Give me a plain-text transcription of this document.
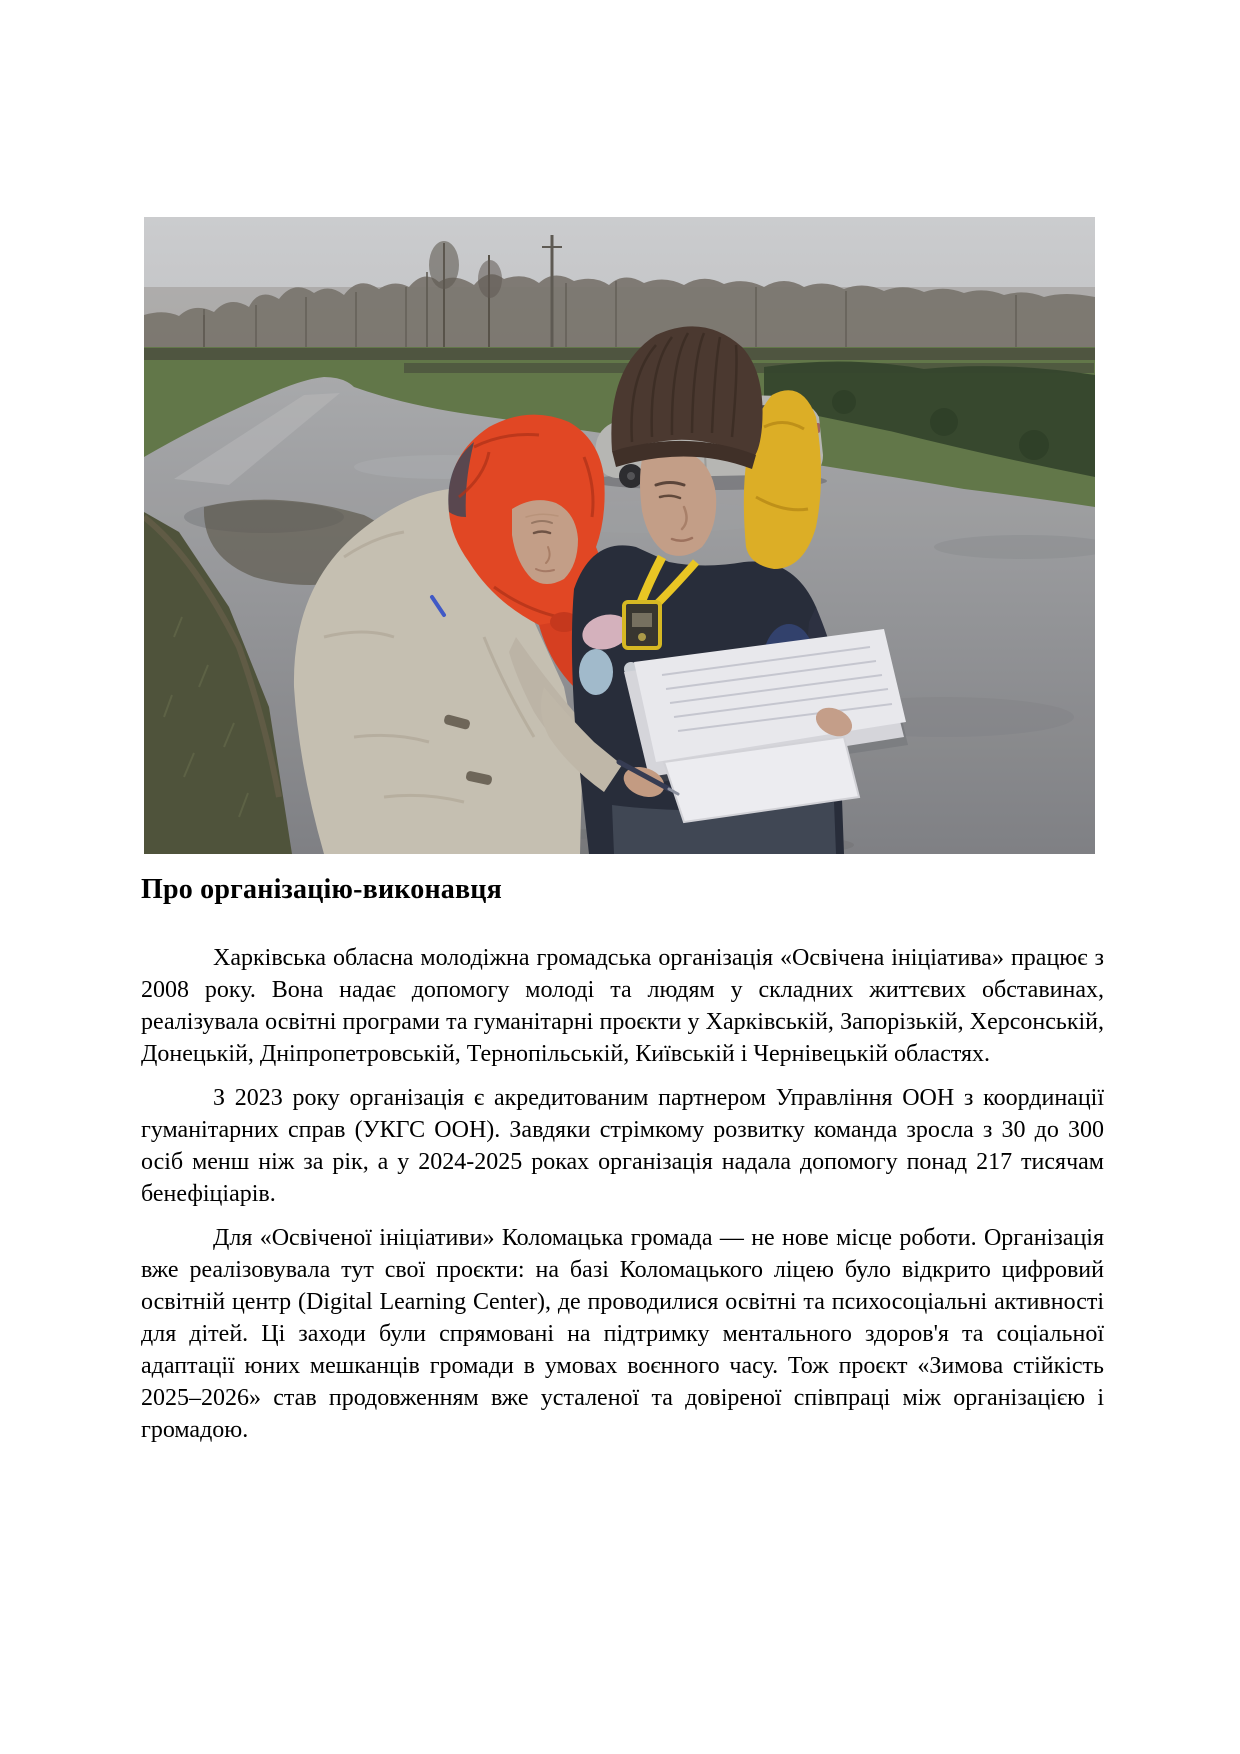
Про організацію-виконавця

Харківська обласна молодіжна громадська організація «Освічена ініціатива» працює з 2008 року. Вона надає допомогу молоді та людям у складних життєвих обставинах, реалізувала освітні програми та гуманітарні проєкти у Харківській, Запорізькій, Херсонській, Донецькій, Дніпропетровській, Тернопільській, Київській і Чернівецькій областях.

З 2023 року організація є акредитованим партнером Управління ООН з координації гуманітарних справ (УКГС ООН). Завдяки стрімкому розвитку команда зросла з 30 до 300 осіб менш ніж за рік, а у 2024-2025 роках організація надала допомогу понад 217 тисячам бенефіціарів.

Для «Освіченої ініціативи» Коломацька громада — не нове місце роботи. Організація вже реалізовувала тут свої проєкти: на базі Коломацького ліцею було відкрито цифровий освітній центр (Digital Learning Center), де проводилися освітні та психосоціальні активності для дітей. Ці заходи були спрямовані на підтримку ментального здоров'я та соціальної адаптації юних мешканців громади в умовах воєнного часу. Тож проєкт «Зимова стійкість 2025–2026» став продовженням вже усталеної та довіреної співпраці між організацією і громадою.
